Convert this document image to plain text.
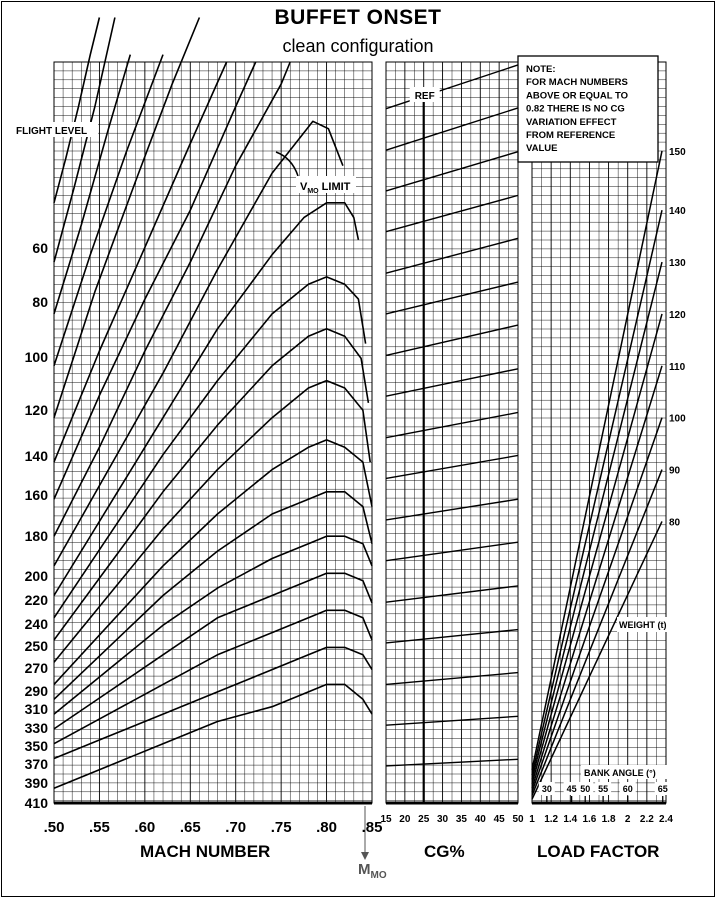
BUFFET ONSET
clean configuration
.50 .55 .60 .65 .70 .75 .80 .85
60
80
100
120
140
160
180
200
220
240
250
270
290
310
330
350
370
390
410
FLIGHT LEVEL
$V_{MO}$ LIMIT
$M_{MO}$
REF
15 20 25 30 35 40 45 50
150
140
130
120
110
100
90
80
WEIGHT (t)
BANK ANGLE (°)
30 45 50 55 60	65
1 1.2 1.4 1.6 1.8 2 2.2 2.4
NOTE:
FOR MACH NUMBERS
ABOVE OR EQUAL TO
0.82 THERE IS NO CG
VARIATION EFFECT
FROM REFERENCE
VALUE
MACH NUMBER	CG%	LOAD FACTOR
